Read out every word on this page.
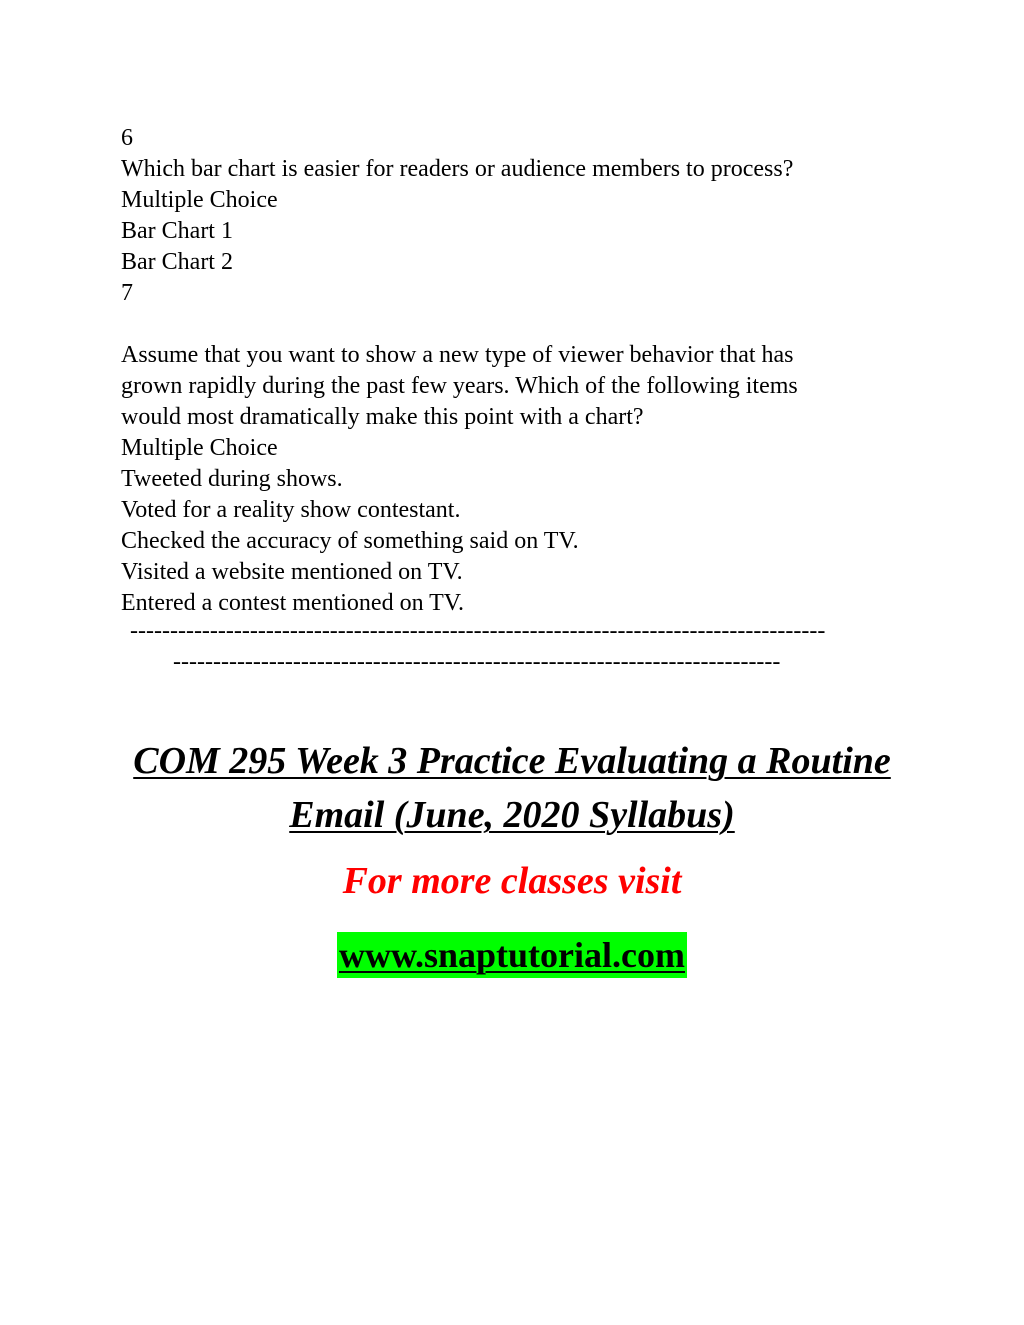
6
Which bar chart is easier for readers or audience members to process?
Multiple Choice
Bar Chart 1
Bar Chart 2
7
Assume that you want to show a new type of viewer behavior that has
grown rapidly during the past few years. Which of the following items
would most dramatically make this point with a chart?
Multiple Choice
Tweeted during shows.
Voted for a reality show contestant.
Checked the accuracy of something said on TV.
Visited a website mentioned on TV.
Entered a contest mentioned on TV.
---------------------------------------------------------------------------------------
----------------------------------------------------------------------------
COM 295 Week 3 Practice Evaluating a Routine
Email (June, 2020 Syllabus)
For more classes visit
www.snaptutorial.com
